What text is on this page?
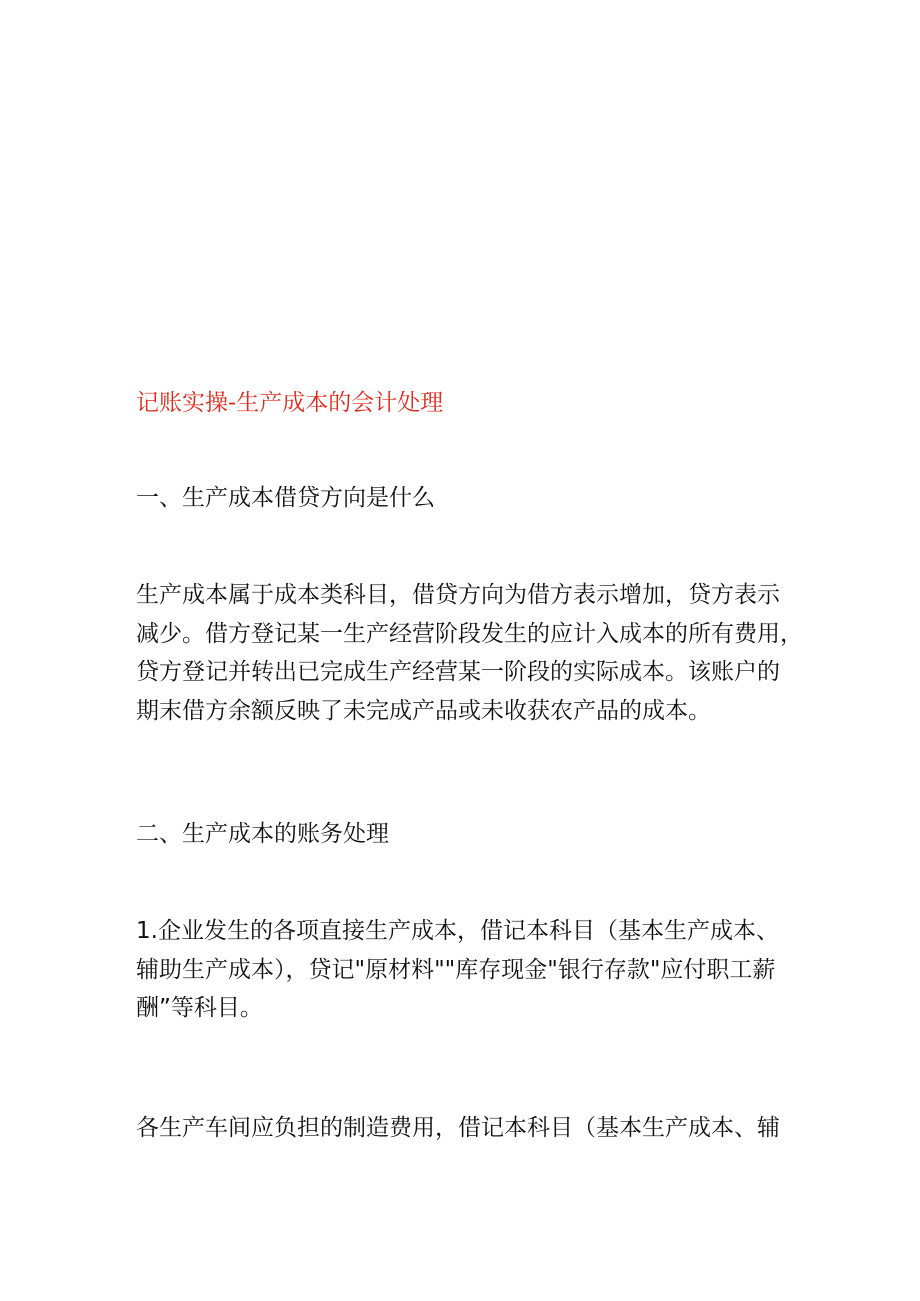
记账实操-生产成本的会计处理
一、生产成本借贷方向是什么
生产成本属于成本类科目，借贷方向为借方表示增加，贷方表示
减少。借方登记某一生产经营阶段发生的应计入成本的所有费用，
贷方登记并转出已完成生产经营某一阶段的实际成本。该账户的
期末借方余额反映了未完成产品或未收获农产品的成本。
二、生产成本的账务处理
1.企业发生的各项直接生产成本，借记本科目（基本生产成本、
辅助生产成本），贷记"原材料""库存现金"银行存款"应付职工薪
酬”等科目。
各生产车间应负担的制造费用，借记本科目（基本生产成本、辅
